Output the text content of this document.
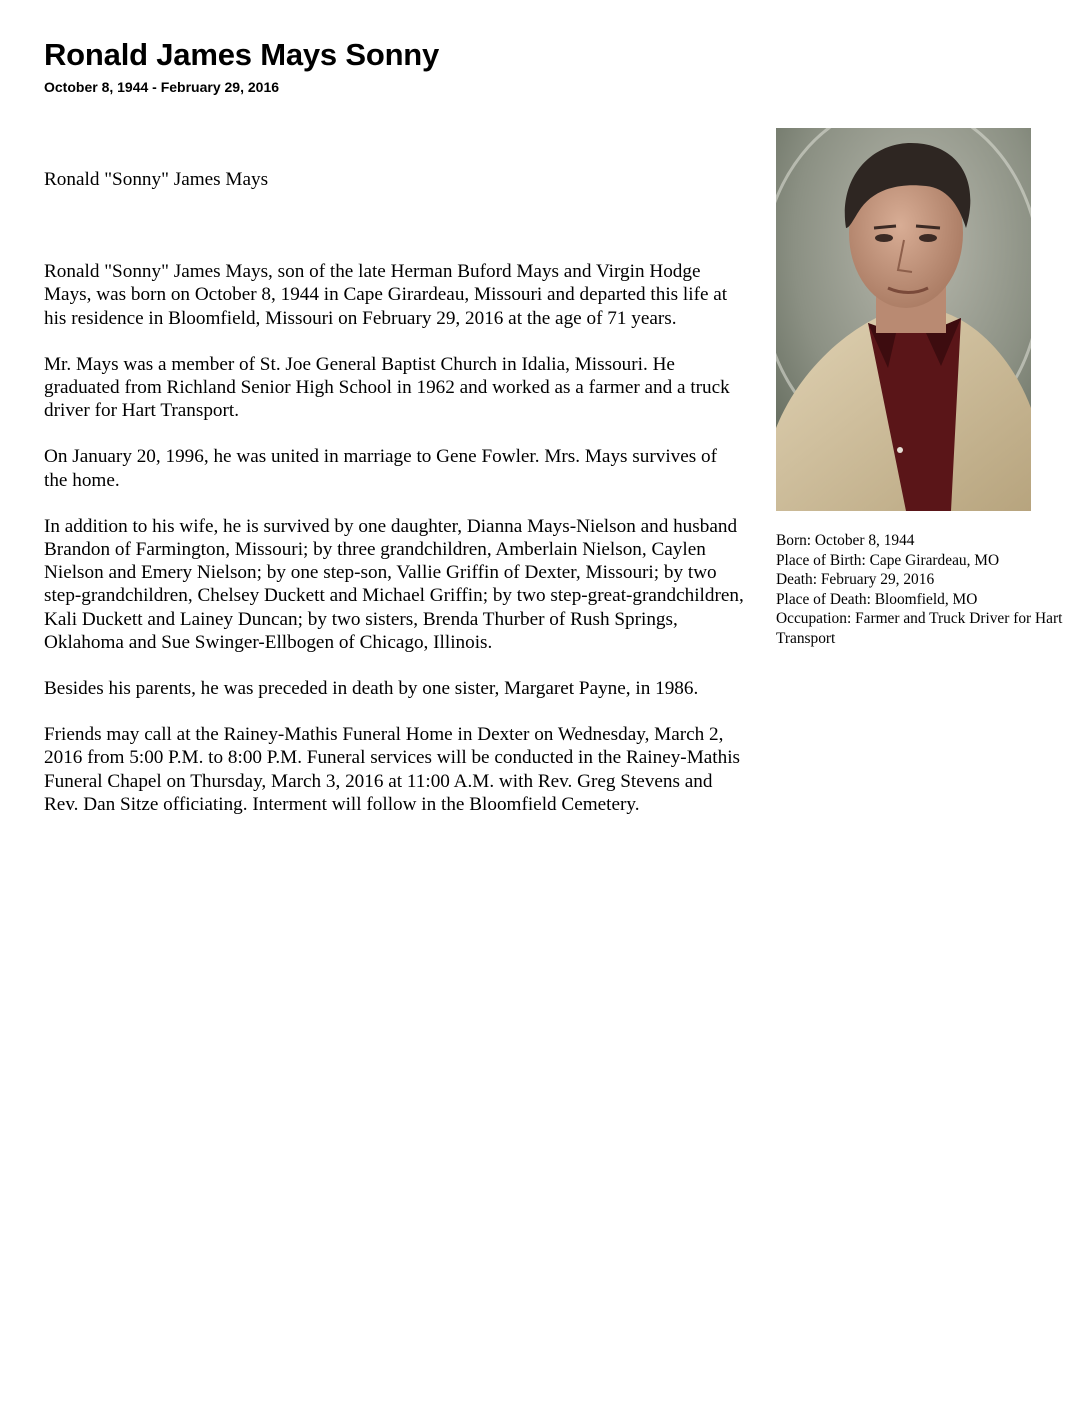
Ronald James Mays Sonny
October 8, 1944 - February 29, 2016

Ronald "Sonny" James Mays

Ronald "Sonny" James Mays, son of the late Herman Buford Mays and Virgin Hodge Mays, was born on October 8, 1944 in Cape Girardeau, Missouri and departed this life at his residence in Bloomfield, Missouri on February 29, 2016 at the age of 71 years.

Mr. Mays was a member of St. Joe General Baptist Church in Idalia, Missouri. He graduated from Richland Senior High School in 1962 and worked as a farmer and a truck driver for Hart Transport.

On January 20, 1996, he was united in marriage to Gene Fowler. Mrs. Mays survives of the home.

In addition to his wife, he is survived by one daughter, Dianna Mays-Nielson and husband Brandon of Farmington, Missouri; by three grandchildren, Amberlain Nielson, Caylen Nielson and Emery Nielson; by one step-son, Vallie Griffin of Dexter, Missouri; by two step-grandchildren, Chelsey Duckett and Michael Griffin; by two step-great-grandchildren, Kali Duckett and Lainey Duncan; by two sisters, Brenda Thurber of Rush Springs, Oklahoma and Sue Swinger-Ellbogen of Chicago, Illinois.

Besides his parents, he was preceded in death by one sister, Margaret Payne, in 1986.

Friends may call at the Rainey-Mathis Funeral Home in Dexter on Wednesday, March 2, 2016 from 5:00 P.M. to 8:00 P.M. Funeral services will be conducted in the Rainey-Mathis Funeral Chapel on Thursday, March 3, 2016 at 11:00 A.M. with Rev. Greg Stevens and Rev. Dan Sitze officiating. Interment will follow in the Bloomfield Cemetery.

Born: October 8, 1944
Place of Birth: Cape Girardeau, MO
Death: February 29, 2016
Place of Death: Bloomfield, MO
Occupation: Farmer and Truck Driver for Hart Transport
